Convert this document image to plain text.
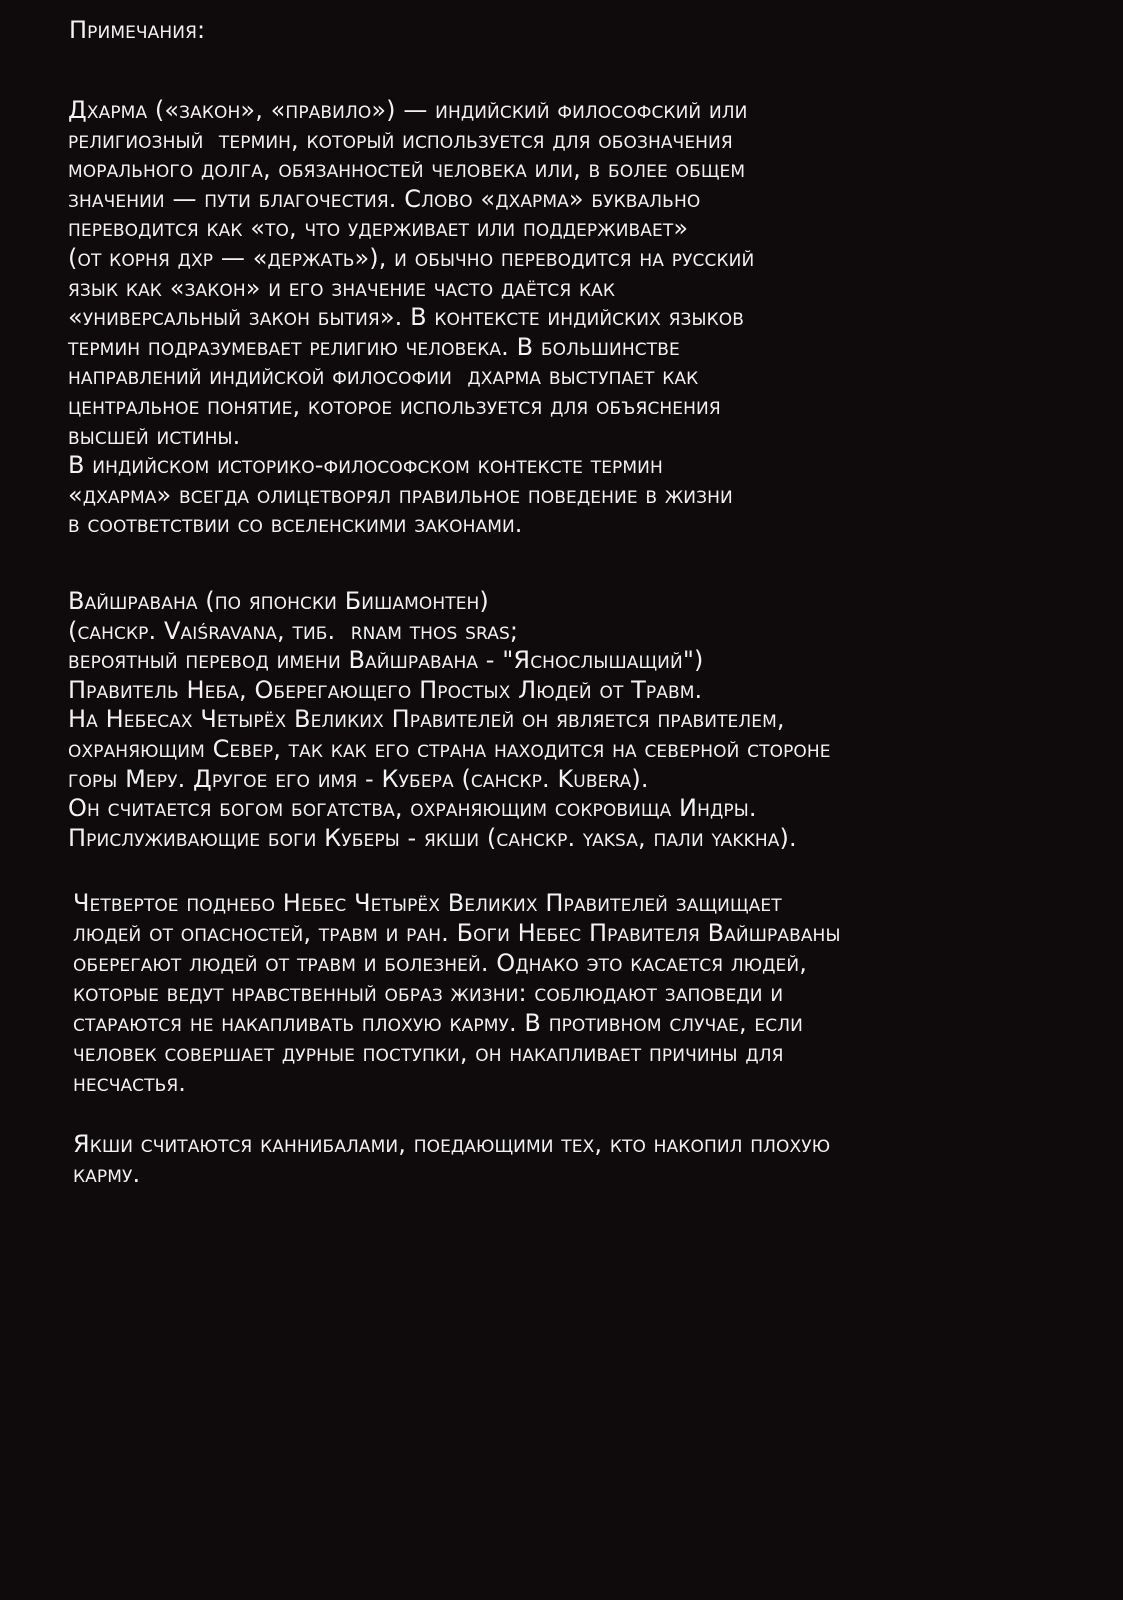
Примечания:
Дхарма («закон», «правило») — индийский философский или
религиозный  термин, который используется для обозначения
морального долга, обязанностей человека или, в более общем
значении — пути благочестия. Слово «дхарма» буквально
переводится как «то, что удерживает или поддерживает»
(от корня дхр — «держать»), и обычно переводится на русский
язык как «закон» и его значение часто даётся как
«универсальный закон бытия». В контексте индийских языков
термин подразумевает религию человека. В большинстве
направлений индийской философии  дхарма выступает как
центральное понятие, которое используется для объяснения
высшей истины.
В индийском историко-философском контексте термин
«дхарма» всегда олицетворял правильное поведение в жизни
в соответствии со вселенскими законами.
Вайшравана (по японски Бишамонтен)
(санскр. Vaiśravana, тиб.  rnam thos sras;
вероятный перевод имени Вайшравана - "Яснослышащий")
Правитель Неба, Оберегающего Простых Людей от Травм.
На Небесах Четырёх Великих Правителей он является правителем,
охраняющим Север, так как его страна находится на северной стороне
горы Меру. Другое его имя - Кубера (санскр. Kubera).
Он считается богом богатства, охраняющим сокровища Индры.
Прислуживающие боги Куберы - якши (санскр. yaksa, пали yakkha).
Четвертое поднебо Небес Четырёх Великих Правителей защищает
людей от опасностей, травм и ран. Боги Небес Правителя Вайшраваны
оберегают людей от травм и болезней. Однако это касается людей,
которые ведут нравственный образ жизни: соблюдают заповеди и
стараются не накапливать плохую карму. В противном случае, если
человек совершает дурные поступки, он накапливает причины для
несчастья.
Якши считаются каннибалами, поедающими тех, кто накопил плохую
карму.
